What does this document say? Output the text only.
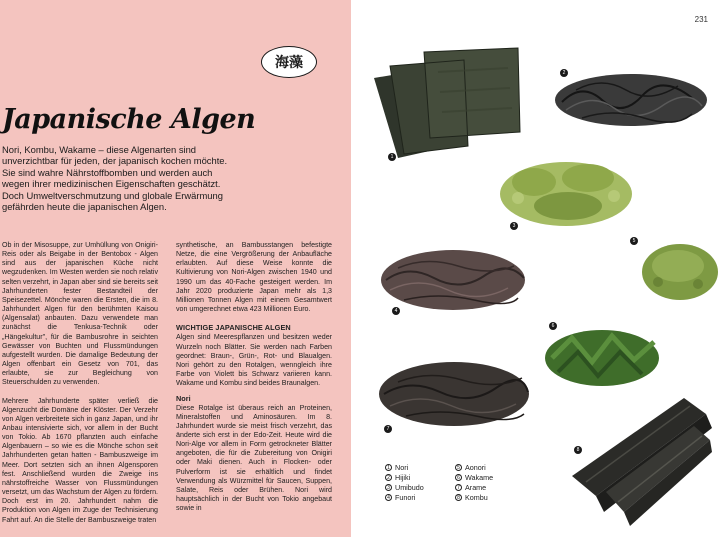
海藻
Japanische Algen
Nori, Kombu, Wakame – diese Algenarten sind unverzichtbar für jeden, der japanisch kochen möchte. Sie sind wahre Nährstoffbomben und werden auch wegen ihrer medizinischen Eigenschaften geschätzt. Doch Umweltverschmutzung und globale Erwärmung gefährden heute die japanischen Algen.

Ob in der Misosuppe, zur Umhüllung von Onigiri-Reis oder als Beigabe in der Bentobox - Algen sind aus der japanischen Küche nicht wegzudenken. Im Westen werden sie noch relativ selten verzehrt, in Japan aber sind sie bereits seit Jahrhunderten fester Bestandteil der Speisezettel. Mönche waren die Ersten, die im 8. Jahrhundert Algen für den berühmten Kaisou (Algensalat) anbauten. Dazu verwendete man zunächst die Tenkusa-Technik oder „Hängekultur", für die Bambusrohre in seichten Gewässer von Buchten und Flussmündungen aufgestellt wurden. Die damalige Bedeutung der Algen offenbart ein Gesetz von 701, das erlaubte, sie zur Begleichung von Steuerschulden zu verwenden.

Mehrere Jahrhunderte später verließ die Algenzucht die Domäne der Klöster. Der Verzehr von Algen verbreitete sich in ganz Japan, und ihr Anbau intensivierte sich, vor allem in der Bucht von Tokio. Ab 1670 pflanzten auch einfache Algenbauern – so wie es die Mönche schon seit Jahrhunderten getan hatten - Bambuszweige im Meer. Dort setzten sich an ihnen Algensporen fest. Anschließend wurden die Zweige ins nährstoffreiche Wasser von Flussmündungen versetzt, um das Wachstum der Algen zu fördern. Doch erst im 20. Jahrhundert nahm die Produktion von Algen im Zuge der Technisierung Fahrt auf. An die Stelle der Bambuszweige traten

synthetische, an Bambusstangen befestigte Netze, die eine Vergrößerung der Anbaufläche erlaubten. Auf diese Weise konnte die Kultivierung von Nori-Algen zwischen 1940 und 1990 um das 40-Fache gesteigert werden. Im Jahr 2020 produzierte Japan mehr als 1,3 Millionen Tonnen Algen mit einem Gesamtwert von umgerechnet etwa 423 Millionen Euro.

WICHTIGE JAPANISCHE ALGEN

Algen sind Meerespflanzen und besitzen weder Wurzeln noch Blätter. Sie werden nach Farben geordnet: Braun-, Grün-, Rot- und Blaualgen. Nori gehört zu den Rotalgen, wenngleich ihre Farbe von Violett bis Schwarz variieren kann. Wakame und Kombu sind beides Braunalgen.

Nori

Diese Rotalge ist überaus reich an Proteinen, Mineralstoffen und Aminosäuren. Im 8. Jahrhundert wurde sie meist frisch verzehrt, das änderte sich erst in der Edo-Zeit. Heute wird die Nori-Alge vor allem in Form getrockneter Blätter angeboten, die für die Zubereitung von Onigiri oder Maki dienen. Auch in Flocken- oder Pulverform ist sie erhältlich und findet Verwendung als Würzmittel für Saucen, Suppen, Salate, Reis oder Brühen. Nori wird hauptsächlich in der Bucht von Tokio angebaut sowie in

231
1
2
3
4
5
6
7
8
1 Nori
2 Hijiki
3 Umibudo
4 Funori
5 Aonori
6 Wakame
7 Arame
8 Kombu
